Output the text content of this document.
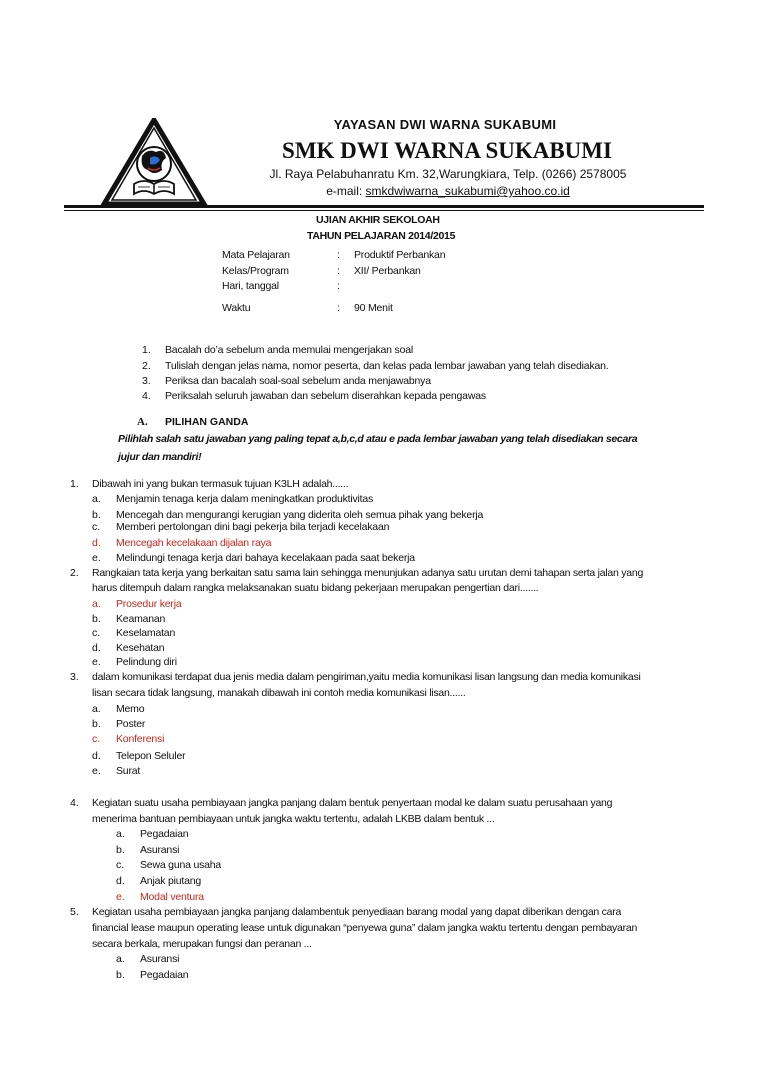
YAYASAN DWI WARNA SUKABUMI
SMK DWI WARNA SUKABUMI
Jl. Raya Pelabuhanratu Km. 32,Warungkiara, Telp. (0266) 2578005
e-mail: smkdwiwarna_sukabumi@yahoo.co.id
UJIAN AKHIR SEKOLOAH
TAHUN PELAJARAN 2014/2015
Mata Pelajaran	: Produktif Perbankan
Kelas/Program	: XII/ Perbankan
Hari, tanggal	:
Waktu	: 90 Menit
1. Bacalah do’a sebelum anda memulai mengerjakan soal
2. Tulislah dengan jelas nama, nomor peserta, dan kelas pada lembar jawaban yang telah disediakan.
3. Periksa dan bacalah soal-soal sebelum anda menjawabnya
4. Periksalah seluruh jawaban dan sebelum diserahkan kepada pengawas
A. PILIHAN GANDA
Pilihlah salah satu jawaban yang paling tepat a,b,c,d atau e pada lembar jawaban yang telah disediakan secara
jujur dan mandiri!
1. Dibawah ini yang bukan termasuk tujuan K3LH adalah......
a. Menjamin tenaga kerja dalam meningkatkan produktivitas
b. Mencegah dan mengurangi kerugian yang diderita oleh semua pihak yang bekerja
c. Memberi pertolongan dini bagi pekerja bila terjadi kecelakaan
d. Mencegah kecelakaan dijalan raya
e. Melindungi tenaga kerja dari bahaya kecelakaan pada saat bekerja
2. Rangkaian tata kerja yang berkaitan satu sama lain sehingga menunjukan adanya satu urutan demi tahapan serta jalan yang
harus ditempuh dalam rangka melaksanakan suatu bidang pekerjaan merupakan pengertian dari.......
a. Prosedur kerja
b. Keamanan
c. Keselamatan
d. Kesehatan
e. Pelindung diri
3. dalam komunikasi terdapat dua jenis media dalam pengiriman,yaitu media komunikasi lisan langsung dan media komunikasi
lisan secara tidak langsung, manakah dibawah ini contoh media komunikasi lisan......
a. Memo
b. Poster
c. Konferensi
d. Telepon Seluler
e. Surat
4. Kegiatan suatu usaha pembiayaan jangka panjang dalam bentuk penyertaan modal ke dalam suatu perusahaan yang
menerima bantuan pembiayaan untuk jangka waktu tertentu, adalah LKBB dalam bentuk ...
a. Pegadaian
b. Asuransi
c. Sewa guna usaha
d. Anjak piutang
e. Modal ventura
5. Kegiatan usaha pembiayaan jangka panjang dalambentuk penyediaan barang modal yang dapat diberikan dengan cara
financial lease maupun operating lease untuk digunakan “penyewa guna” dalam jangka waktu tertentu dengan pembayaran
secara berkala, merupakan fungsi dan peranan ...
a. Asuransi
b. Pegadaian
